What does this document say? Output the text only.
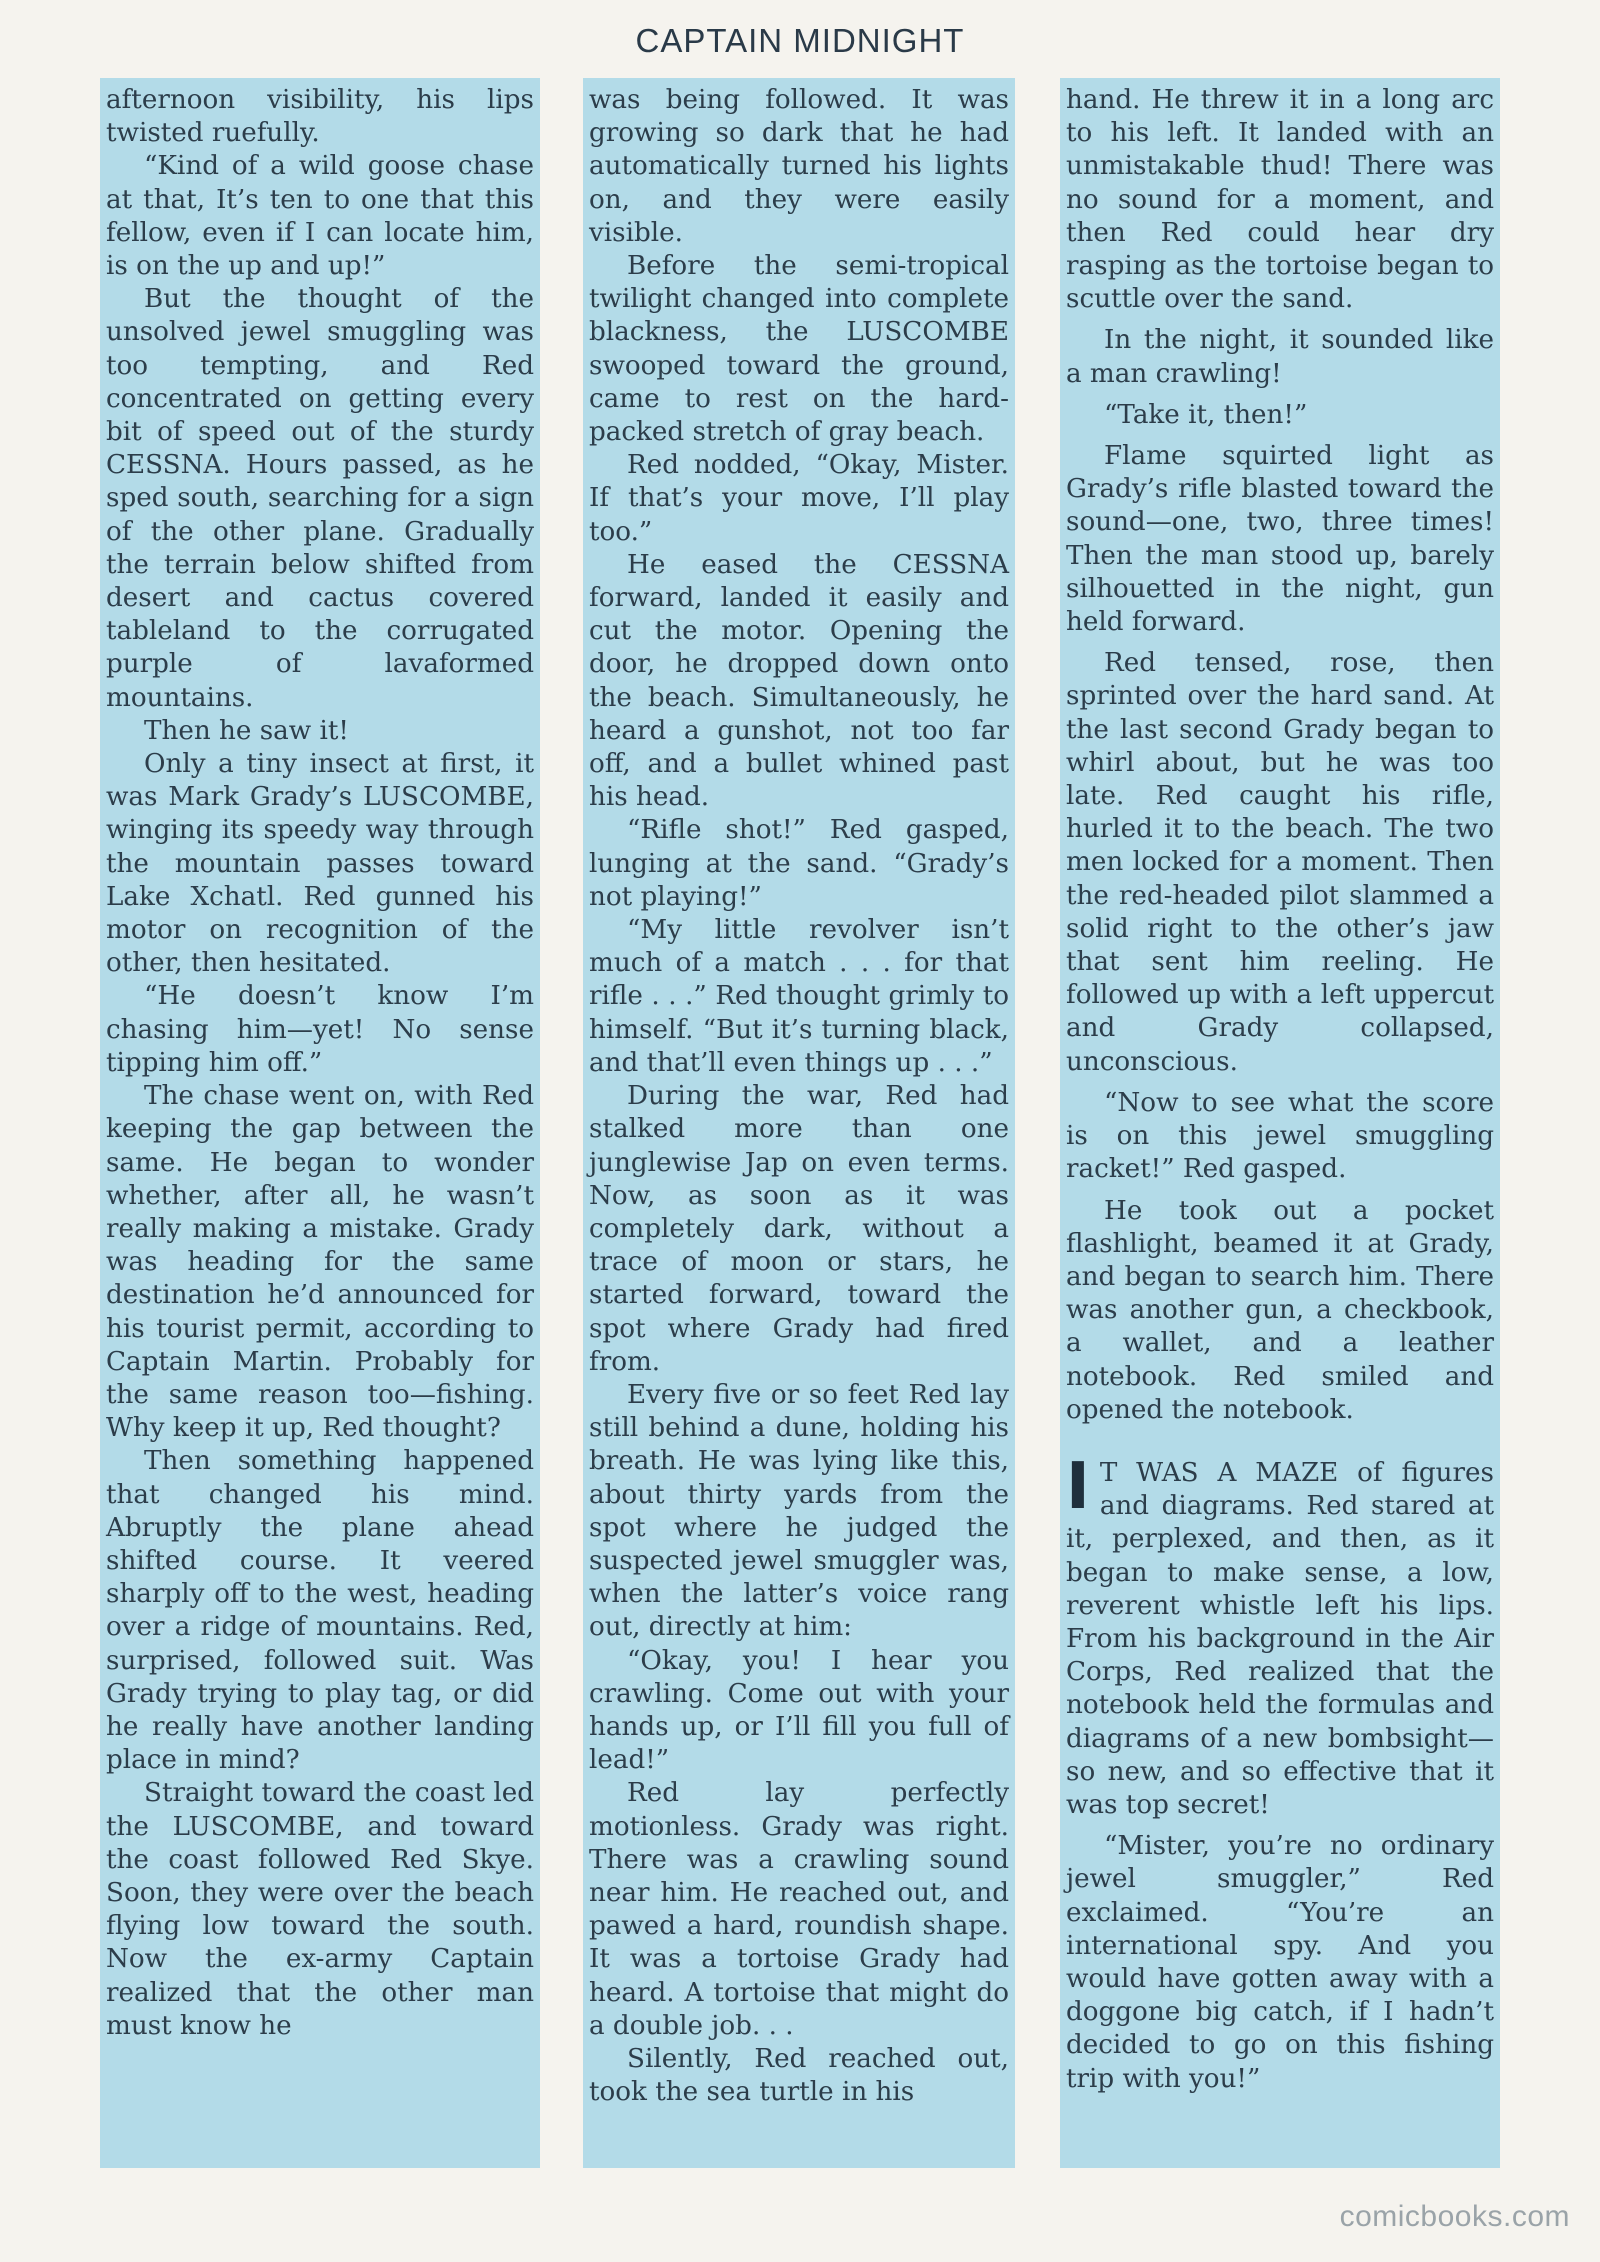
CAPTAIN MIDNIGHT

afternoon visibility, his lips twisted ruefully.

“Kind of a wild goose chase at that, It’s ten to one that this fellow, even if I can locate him, is on the up and up!”

But the thought of the unsolved jewel smuggling was too tempting, and Red concentrated on getting every bit of speed out of the sturdy CESSNA. Hours passed, as he sped south, searching for a sign of the other plane. Gradually the terrain below shifted from desert and cactus covered tableland to the corrugated purple of lavaformed mountains.

Then he saw it!

Only a tiny insect at first, it was Mark Grady’s LUSCOMBE, winging its speedy way through the mountain passes toward Lake Xchatl. Red gunned his motor on recognition of the other, then hesitated.

“He doesn’t know I’m chasing him—yet! No sense tipping him off.”

The chase went on, with Red keeping the gap between the same. He began to wonder whether, after all, he wasn’t really making a mistake. Grady was heading for the same destination he’d announced for his tourist permit, according to Captain Martin. Probably for the same reason too—fishing. Why keep it up, Red thought?

Then something happened that changed his mind. Abruptly the plane ahead shifted course. It veered sharply off to the west, heading over a ridge of mountains. Red, surprised, followed suit. Was Grady trying to play tag, or did he really have another landing place in mind?

Straight toward the coast led the LUSCOMBE, and toward the coast followed Red Skye. Soon, they were over the beach flying low toward the south. Now the ex-army Captain realized that the other man must know he

was being followed. It was growing so dark that he had automatically turned his lights on, and they were easily visible.

Before the semi-tropical twilight changed into complete blackness, the LUSCOMBE swooped toward the ground, came to rest on the hard-packed stretch of gray beach.

Red nodded, “Okay, Mister. If that’s your move, I’ll play too.”

He eased the CESSNA forward, landed it easily and cut the motor. Opening the door, he dropped down onto the beach. Simultaneously, he heard a gunshot, not too far off, and a bullet whined past his head.

“Rifle shot!” Red gasped, lunging at the sand. “Grady’s not playing!”

“My little revolver isn’t much of a match . . . for that rifle . . .” Red thought grimly to himself. “But it’s turning black, and that’ll even things up . . .”

During the war, Red had stalked more than one junglewise Jap on even terms. Now, as soon as it was completely dark, without a trace of moon or stars, he started forward, toward the spot where Grady had fired from.

Every five or so feet Red lay still behind a dune, holding his breath. He was lying like this, about thirty yards from the spot where he judged the suspected jewel smuggler was, when the latter’s voice rang out, directly at him:

“Okay, you! I hear you crawling. Come out with your hands up, or I’ll fill you full of lead!”

Red lay perfectly motionless. Grady was right. There was a crawling sound near him. He reached out, and pawed a hard, roundish shape. It was a tortoise Grady had heard. A tortoise that might do a double job. . .

Silently, Red reached out, took the sea turtle in his

hand. He threw it in a long arc to his left. It landed with an unmistakable thud! There was no sound for a moment, and then Red could hear dry rasping as the tortoise began to scuttle over the sand.

In the night, it sounded like a man crawling!

“Take it, then!”

Flame squirted light as Grady’s rifle blasted toward the sound—one, two, three times! Then the man stood up, barely silhouetted in the night, gun held forward.

Red tensed, rose, then sprinted over the hard sand. At the last second Grady began to whirl about, but he was too late. Red caught his rifle, hurled it to the beach. The two men locked for a moment. Then the red-headed pilot slammed a solid right to the other’s jaw that sent him reeling. He followed up with a left uppercut and Grady collapsed, unconscious.

“Now to see what the score is on this jewel smuggling racket!” Red gasped.

He took out a pocket flashlight, beamed it at Grady, and began to search him. There was another gun, a checkbook, a wallet, and a leather notebook. Red smiled and opened the notebook.

I T WAS A MAZE of figures and diagrams. Red stared at it, perplexed, and then, as it began to make sense, a low, reverent whistle left his lips. From his background in the Air Corps, Red realized that the notebook held the formulas and diagrams of a new bombsight—so new, and so effective that it was top secret!

“Mister, you’re no ordinary jewel smuggler,” Red exclaimed. “You’re an international spy. And you would have gotten away with a doggone big catch, if I hadn’t decided to go on this fishing trip with you!”

comicbooks.com
